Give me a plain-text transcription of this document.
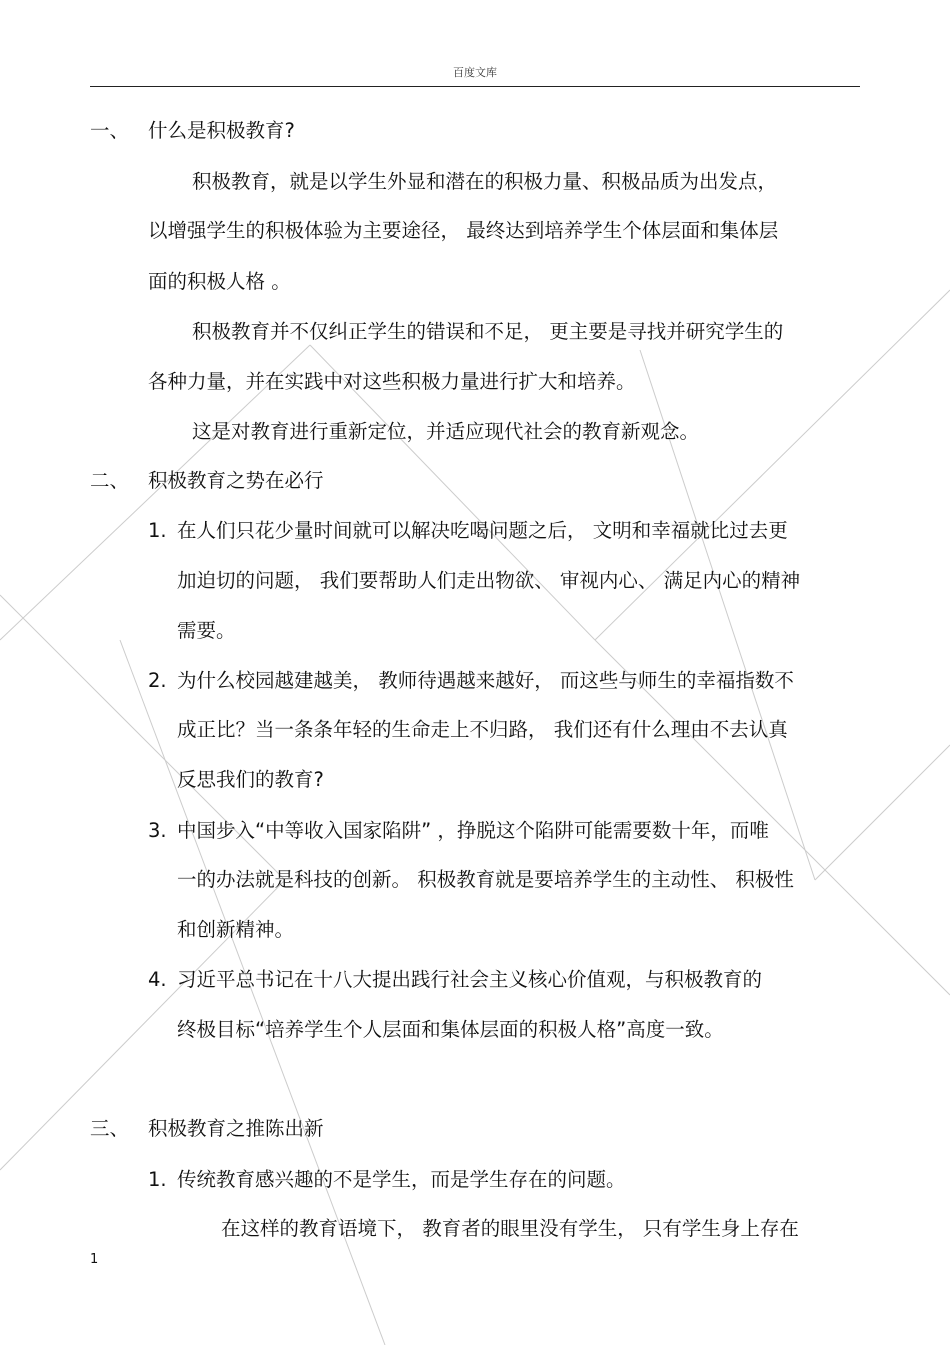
百度文库
一、 什么是积极教育?
积极教育，就是以学生外显和潜在的积极力量、积极品质为出发点，
以增强学生的积极体验为主要途径， 最终达到培养学生个体层面和集体层
面的积极人格 。
积极教育并不仅纠正学生的错误和不足， 更主要是寻找并研究学生的
各种力量，并在实践中对这些积极力量进行扩大和培养。
这是对教育进行重新定位，并适应现代社会的教育新观念。
二、 积极教育之势在必行
1. 在人们只花少量时间就可以解决吃喝问题之后， 文明和幸福就比过去更
加迫切的问题， 我们要帮助人们走出物欲、 审视内心、 满足内心的精神
需要。
2. 为什么校园越建越美， 教师待遇越来越好， 而这些与师生的幸福指数不
成正比？当一条条年轻的生命走上不归路， 我们还有什么理由不去认真
反思我们的教育?
3. 中国步入“中等收入国家陷阱” ，挣脱这个陷阱可能需要数十年，而唯
一的办法就是科技的创新。 积极教育就是要培养学生的主动性、 积极性
和创新精神。
4. 习近平总书记在十八大提出践行社会主义核心价值观，与积极教育的
终极目标“培养学生个人层面和集体层面的积极人格”高度一致。
三、 积极教育之推陈出新
1. 传统教育感兴趣的不是学生，而是学生存在的问题。
在这样的教育语境下， 教育者的眼里没有学生， 只有学生身上存在
1
